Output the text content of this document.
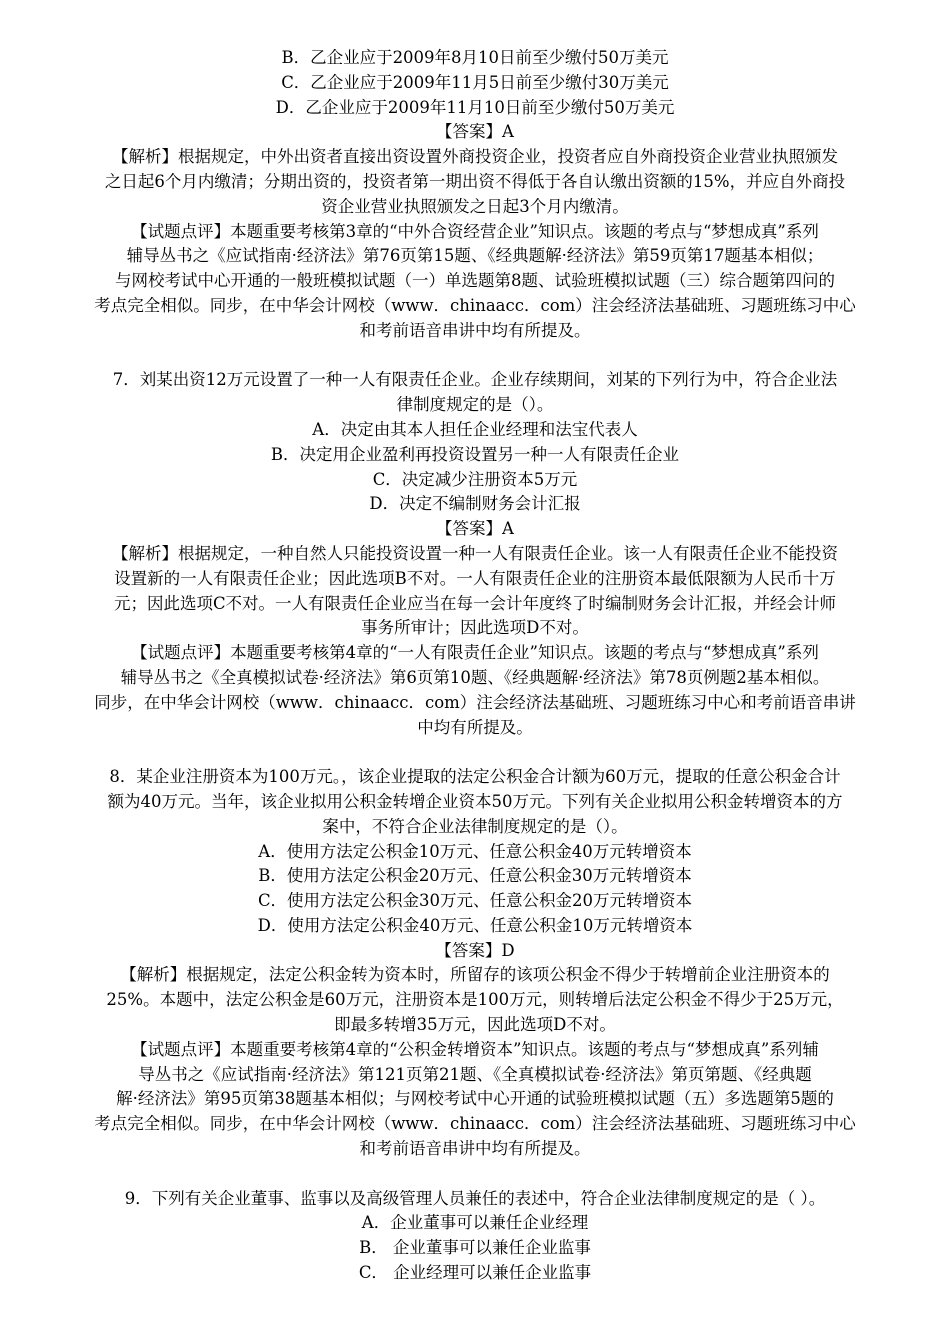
B．乙企业应于2009年8月10日前至少缴付50万美元
C．乙企业应于2009年11月5日前至少缴付30万美元
D．乙企业应于2009年11月10日前至少缴付50万美元
【答案】A
【解析】根据规定，中外出资者直接出资设置外商投资企业，投资者应自外商投资企业营业执照颁发
之日起6个月内缴清；分期出资的，投资者第一期出资不得低于各自认缴出资额的15%，并应自外商投
资企业营业执照颁发之日起3个月内缴清。
【试题点评】本题重要考核第3章的“中外合资经营企业”知识点。该题的考点与“梦想成真”系列
辅导丛书之《应试指南·经济法》第76页第15题、《经典题解·经济法》第59页第17题基本相似；
与网校考试中心开通的一般班模拟试题（一）单选题第8题、试验班模拟试题（三）综合题第四问的
考点完全相似。同步，在中华会计网校（www．chinaacc．com）注会经济法基础班、习题班练习中心
和考前语音串讲中均有所提及。
7．刘某出资12万元设置了一种一人有限责任企业。企业存续期间，刘某的下列行为中，符合企业法
律制度规定的是（）。
A．决定由其本人担任企业经理和法宝代表人
B．决定用企业盈利再投资设置另一种一人有限责任企业
C．决定减少注册资本5万元
D．决定不编制财务会计汇报
【答案】A
【解析】根据规定，一种自然人只能投资设置一种一人有限责任企业。该一人有限责任企业不能投资
设置新的一人有限责任企业；因此选项B不对。一人有限责任企业的注册资本最低限额为人民币十万
元；因此选项C不对。一人有限责任企业应当在每一会计年度终了时编制财务会计汇报，并经会计师
事务所审计；因此选项D不对。
【试题点评】本题重要考核第4章的“一人有限责任企业”知识点。该题的考点与“梦想成真”系列
辅导丛书之《全真模拟试卷·经济法》第6页第10题、《经典题解·经济法》第78页例题2基本相似。
同步，在中华会计网校（www．chinaacc．com）注会经济法基础班、习题班练习中心和考前语音串讲
中均有所提及。
8．某企业注册资本为100万元。，该企业提取的法定公积金合计额为60万元，提取的任意公积金合计
额为40万元。当年，该企业拟用公积金转增企业资本50万元。下列有关企业拟用公积金转增资本的方
案中，不符合企业法律制度规定的是（）。
A．使用方法定公积金10万元、任意公积金40万元转增资本
B．使用方法定公积金20万元、任意公积金30万元转增资本
C．使用方法定公积金30万元、任意公积金20万元转增资本
D．使用方法定公积金40万元、任意公积金10万元转增资本
【答案】D
【解析】根据规定，法定公积金转为资本时，所留存的该项公积金不得少于转增前企业注册资本的
25%。本题中，法定公积金是60万元，注册资本是100万元，则转增后法定公积金不得少于25万元，
即最多转增35万元，因此选项D不对。
【试题点评】本题重要考核第4章的“公积金转增资本”知识点。该题的考点与“梦想成真”系列辅
导丛书之《应试指南·经济法》第121页第21题、《全真模拟试卷·经济法》第页第题、《经典题
解·经济法》第95页第38题基本相似；与网校考试中心开通的试验班模拟试题（五）多选题第5题的
考点完全相似。同步，在中华会计网校（www．chinaacc．com）注会经济法基础班、习题班练习中心
和考前语音串讲中均有所提及。
9．下列有关企业董事、监事以及高级管理人员兼任的表述中，符合企业法律制度规定的是（ ）。
A．企业董事可以兼任企业经理
B． 企业董事可以兼任企业监事
C． 企业经理可以兼任企业监事
